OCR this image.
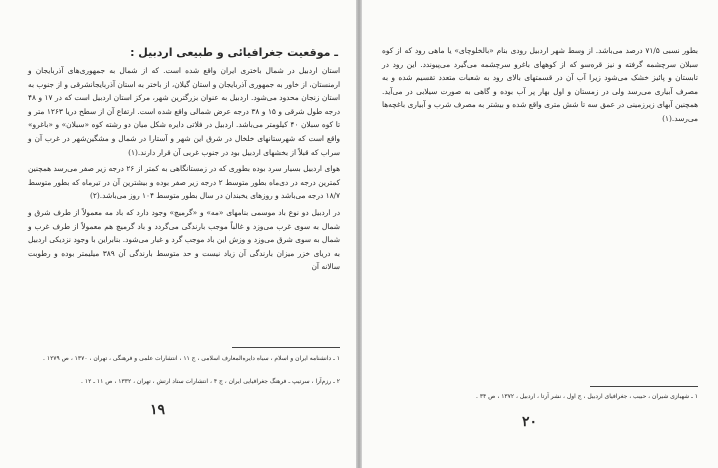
ـ موقعیت جغرافیائی و طبیعی اردبیل :

استان اردبیل در شمال باختری ایران واقع شده است. که از شمال به جمهوری‌های آذربایجان و ارمنستان، از خاور به جمهوری آذربایجان و استان گیلان، از باختر به استان آذربایجانشرقی و از جنوب به استان زنجان محدود می‌شود. اردبیل به عنوان بزرگترین شهر، مرکز استان اردبیل است که در ۱۷ و ۴۸ درجه طول شرقی و ۱۵ و ۳۸ درجه عرض شمالی واقع شده است. ارتفاع آن از سطح دریا ۱۲۶۳ متر و تا کوه سبلان ۴۰ کیلومتر می‌باشد. اردبیل در فلاتی دایره شکل میان دو رشته کوه «سبلان» و «باغرو» واقع است که شهرستانهای خلخال در شرق این شهر و آستارا در شمال و مشگین‌شهر در غرب آن و سراب که قبلاً از بخشهای اردبیل بود در جنوب غربی آن قرار دارند.(۱)

هوای اردبیل بسیار سرد بوده بطوری که در زمستانگاهی به کمتر از ۲۶ درجه زیر صفر می‌رسد همچنین کمترین درجه در دی‌ماه بطور متوسط ۲ درجه زیر صفر بوده و بیشترین آن در تیرماه که بطور متوسط ۱۸/۷ درجه می‌باشد و روزهای یخبندان در سال بطور متوسط ۱۰۴ روز می‌باشد.(۲)

در اردبیل دو نوع باد موسمی بنامهای «مه» و «گرمیچ» وجود دارد که باد مه معمولاً از طرف شرق و شمال به سوی غرب می‌وزد و غالباً موجب بارندگی می‌گردد و باد گرمیچ هم معمولاً از طرف غرب و شمال به سوی شرق می‌وزد و وزش این باد موجب گرد و غبار می‌شود. بنابراین با وجود نزدیکی اردبیل به دریای خزر میزان بارندگی آن زیاد نیست و حد متوسط بارندگی آن ۳۸۹ میلیمتر بوده و رطوبت سالانه آن

۱ ـ دانشنامه ایران و اسلام ، سیاه دایره‌المعارف اسلامی ، ج ۱۱ ، انتشارات علمی و فرهنگی ، تهران ، ۱۳۷۰ ، ص ۱۲۷۹ .
۲ ـ رزم‌آرا ، سرتیپ ـ فرهنگ جغرافیایی ایران ، ج ۴ ، انتشارات ستاد ارتش ، تهران ، ۱۳۳۲ ، ص ۱۱ ـ ۱۲ .
۱۹

بطور نسبی ۷۱/۵ درصد می‌باشد. از وسط شهر اردبیل رودی بنام «بالخلوچای» یا ماهی رود که از کوه سبلان سرچشمه گرفته و نیز قره‌سو که از کوههای باغرو سرچشمه می‌گیرد می‌پیوندد. این رود در تابستان و پائیز خشک می‌شود زیرا آب آن در قسمتهای بالای رود به شعبات متعدد تقسیم شده و به مصرف آبیاری می‌رسد ولی در زمستان و اول بهار پر آب بوده و گاهی به صورت سیلابی در می‌آید. همچنین آبهای زیرزمینی در عمق سه تا شش متری واقع شده و بیشتر به مصرف شرب و آبیاری باغچه‌ها می‌رسد.(۱)

۱ ـ شهبازی شیران ، حبیب ، جغرافیای اردبیل ، ج اول ، نشر آرتا ، اردبیل ، ۱۳۷۲ ، ص ۳۴ .
۲۰
